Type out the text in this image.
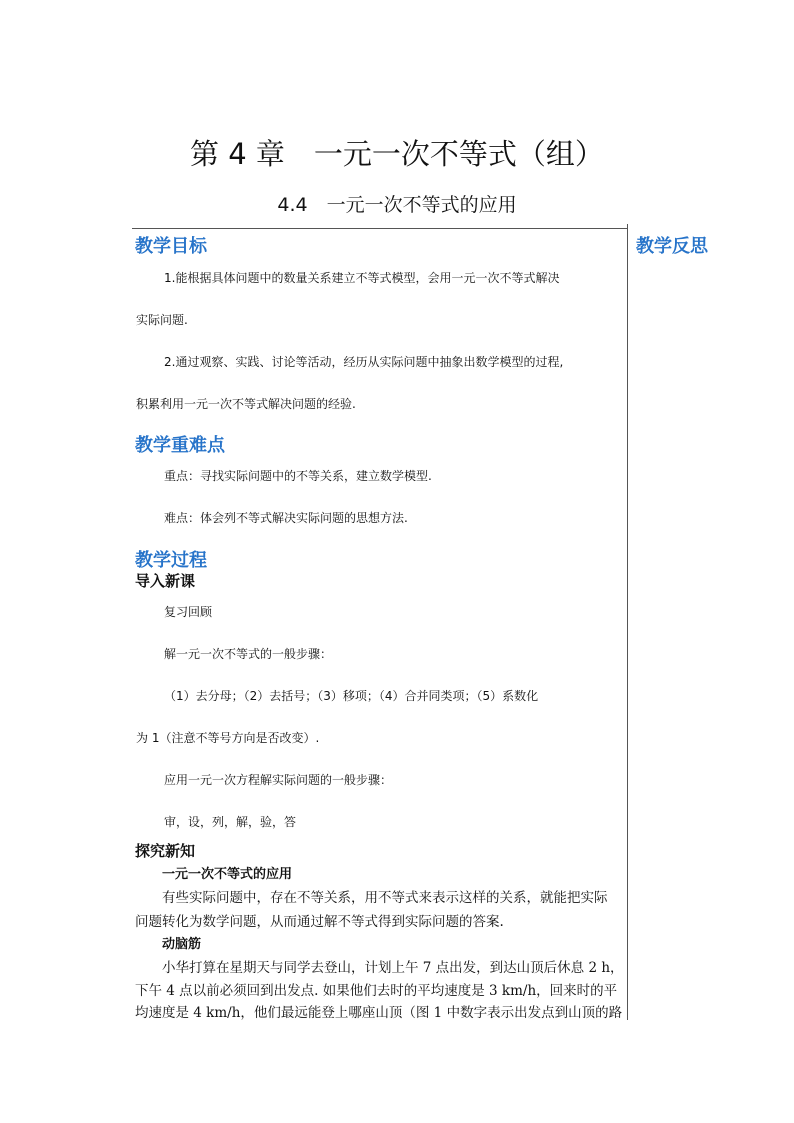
第 4 章　一元一次不等式（组）
4.4　一元一次不等式的应用
教学反思
教学目标
1.能根据具体问题中的数量关系建立不等式模型，会用一元一次不等式解决
实际问题.
2.通过观察、实践、讨论等活动，经历从实际问题中抽象出数学模型的过程,
积累利用一元一次不等式解决问题的经验.
教学重难点
重点：寻找实际问题中的不等关系，建立数学模型.
难点：体会列不等式解决实际问题的思想方法.
教学过程
导入新课
复习回顾
解一元一次不等式的一般步骤：
（1）去分母；（2）去括号；（3）移项；（4）合并同类项；（5）系数化
为 1（注意不等号方向是否改变）.
应用一元一次方程解实际问题的一般步骤：
审，设，列，解，验，答
探究新知
一元一次不等式的应用
有些实际问题中，存在不等关系，用不等式来表示这样的关系，就能把实际
问题转化为数学问题，从而通过解不等式得到实际问题的答案.
动脑筋
小华打算在星期天与同学去登山，计划上午 7 点出发，到达山顶后休息 2 h，
下午 4 点以前必须回到出发点. 如果他们去时的平均速度是 3 km/h，回来时的平
均速度是 4 km/h，他们最远能登上哪座山顶（图 1 中数字表示出发点到山顶的路
